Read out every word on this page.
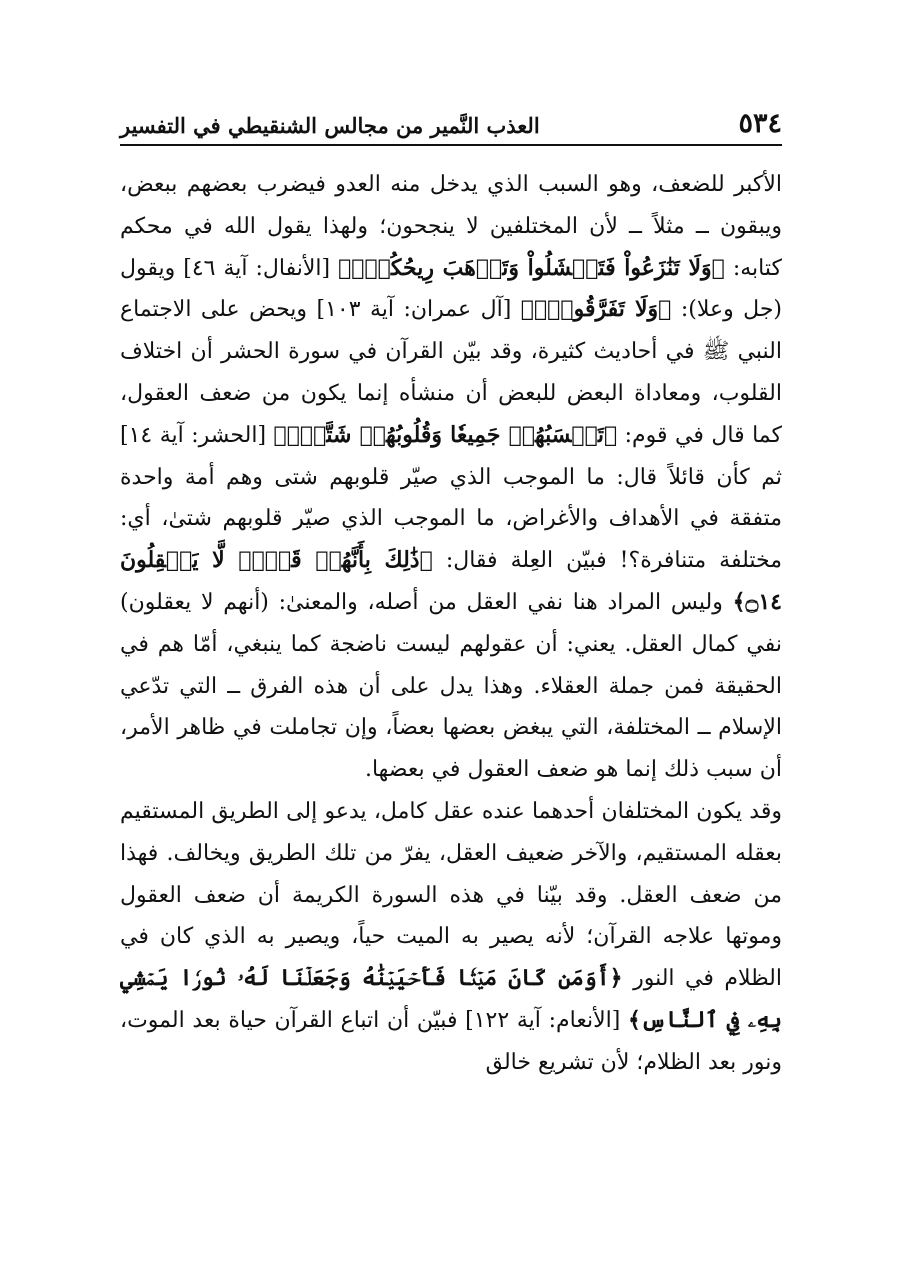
٥٣٤
العذب النَّمير من مجالس الشنقيطي في التفسير

الأكبر للضعف، وهو السبب الذي يدخل منه العدو فيضرب بعضهم ببعض، ويبقون ــ مثلاً ــ لأن المختلفين لا ينجحون؛ ولهذا يقول الله في محكم كتابه: ﴿وَلَا تَنَٰزَعُواْ فَتَفۡشَلُواْ وَتَذۡهَبَ رِيحُكُمۡۖ﴾ [الأنفال: آية ٤٦] ويقول (جل وعلا): ﴿وَلَا تَفَرَّقُواْۚ﴾ [آل عمران: آية ١٠٣] ويحض على الاجتماع النبي ﷺ في أحاديث كثيرة، وقد بيّن القرآن في سورة الحشر أن اختلاف القلوب، ومعاداة البعض للبعض أن منشأه إنما يكون من ضعف العقول، كما قال في قوم: ﴿تَحۡسَبُهُمۡ جَمِيعٗا وَقُلُوبُهُمۡ شَتَّىٰۚ﴾ [الحشر: آية ١٤] ثم كأن قائلاً قال: ما الموجب الذي صيّر قلوبهم شتى وهم أمة واحدة متفقة في الأهداف والأغراض، ما الموجب الذي صيّر قلوبهم شتىٰ، أي: مختلفة متنافرة؟! فبيّن العِلة فقال: ﴿ذَٰلِكَ بِأَنَّهُمۡ قَوۡمٞ لَّا يَعۡقِلُونَ ۝١٤﴾ وليس المراد هنا نفي العقل من أصله، والمعنىٰ: (أنهم لا يعقلون) نفي كمال العقل. يعني: أن عقولهم ليست ناضجة كما ينبغي، أمّا هم في الحقيقة فمن جملة العقلاء. وهذا يدل على أن هذه الفرق ــ التي تدّعي الإسلام ــ المختلفة، التي يبغض بعضها بعضاً، وإن تجاملت في ظاهر الأمر، أن سبب ذلك إنما هو ضعف العقول في بعضها.

وقد يكون المختلفان أحدهما عنده عقل كامل، يدعو إلى الطريق المستقيم بعقله المستقيم، والآخر ضعيف العقل، يفرّ من تلك الطريق ويخالف. فهذا من ضعف العقل. وقد بيّنا في هذه السورة الكريمة أن ضعف العقول وموتها علاجه القرآن؛ لأنه يصير به الميت حياً، ويصير به الذي كان في الظلام في النور ﴿أَوَمَن كَانَ مَيۡتٗا فَأَحۡيَيۡنَٰهُ وَجَعَلۡنَا لَهُۥ نُورٗا يَمۡشِي بِهِۦ فِي ٱلنَّاسِ﴾ [الأنعام: آية ١٢٢] فبيّن أن اتباع القرآن حياة بعد الموت، ونور بعد الظلام؛ لأن تشريع خالق
